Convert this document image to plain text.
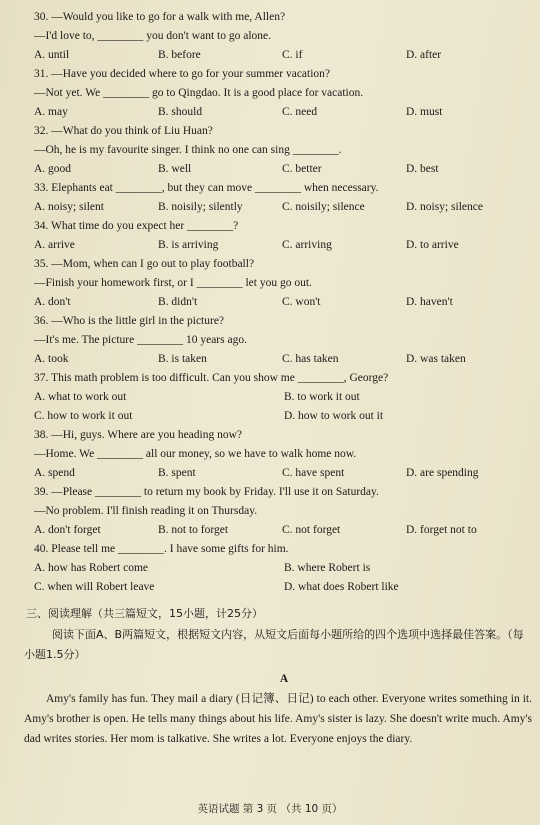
30. —Would you like to go for a walk with me, Allen?
—I'd love to, ________ you don't want to go alone.
A. until	B. before	C. if	D. after
31. —Have you decided where to go for your summer vacation?
—Not yet. We ________ go to Qingdao. It is a good place for vacation.
A. may	B. should	C. need	D. must
32. —What do you think of Liu Huan?
—Oh, he is my favourite singer. I think no one can sing ________.
A. good	B. well	C. better	D. best
33. Elephants eat ________, but they can move ________ when necessary.
A. noisy; silent	B. noisily; silently	C. noisily; silence	D. noisy; silence
34. What time do you expect her ________?
A. arrive	B. is arriving	C. arriving	D. to arrive
35. —Mom, when can I go out to play football?
—Finish your homework first, or I ________ let you go out.
A. don't	B. didn't	C. won't	D. haven't
36. —Who is the little girl in the picture?
—It's me. The picture ________ 10 years ago.
A. took	B. is taken	C. has taken	D. was taken
37. This math problem is too difficult. Can you show me ________, George?
A. what to work out	B. to work it out
C. how to work it out	D. how to work out it
38. —Hi, guys. Where are you heading now?
—Home. We ________ all our money, so we have to walk home now.
A. spend	B. spent	C. have spent	D. are spending
39. —Please ________ to return my book by Friday. I'll use it on Saturday.
—No problem. I'll finish reading it on Thursday.
A. don't forget	B. not to forget	C. not forget	D. forget not to
40. Please tell me ________. I have some gifts for him.
A. how has Robert come	B. where Robert is
C. when will Robert leave	D. what does Robert like
三、阅读理解（共三篇短文，15小题，计25分）
阅读下面A、B两篇短文，根据短文内容，从短文后面每小题所给的四个选项中选择最佳答案。（每小题1.5分）
A
Amy's family has fun. They mail a diary (日记簿、日记) to each other. Everyone writes something in it. Amy's brother is open. He tells many things about his life. Amy's sister is lazy. She doesn't write much. Amy's dad writes stories. Her mom is talkative. She writes a lot. Everyone enjoys the diary.
英语试题 第 3 页 （共 10 页）
